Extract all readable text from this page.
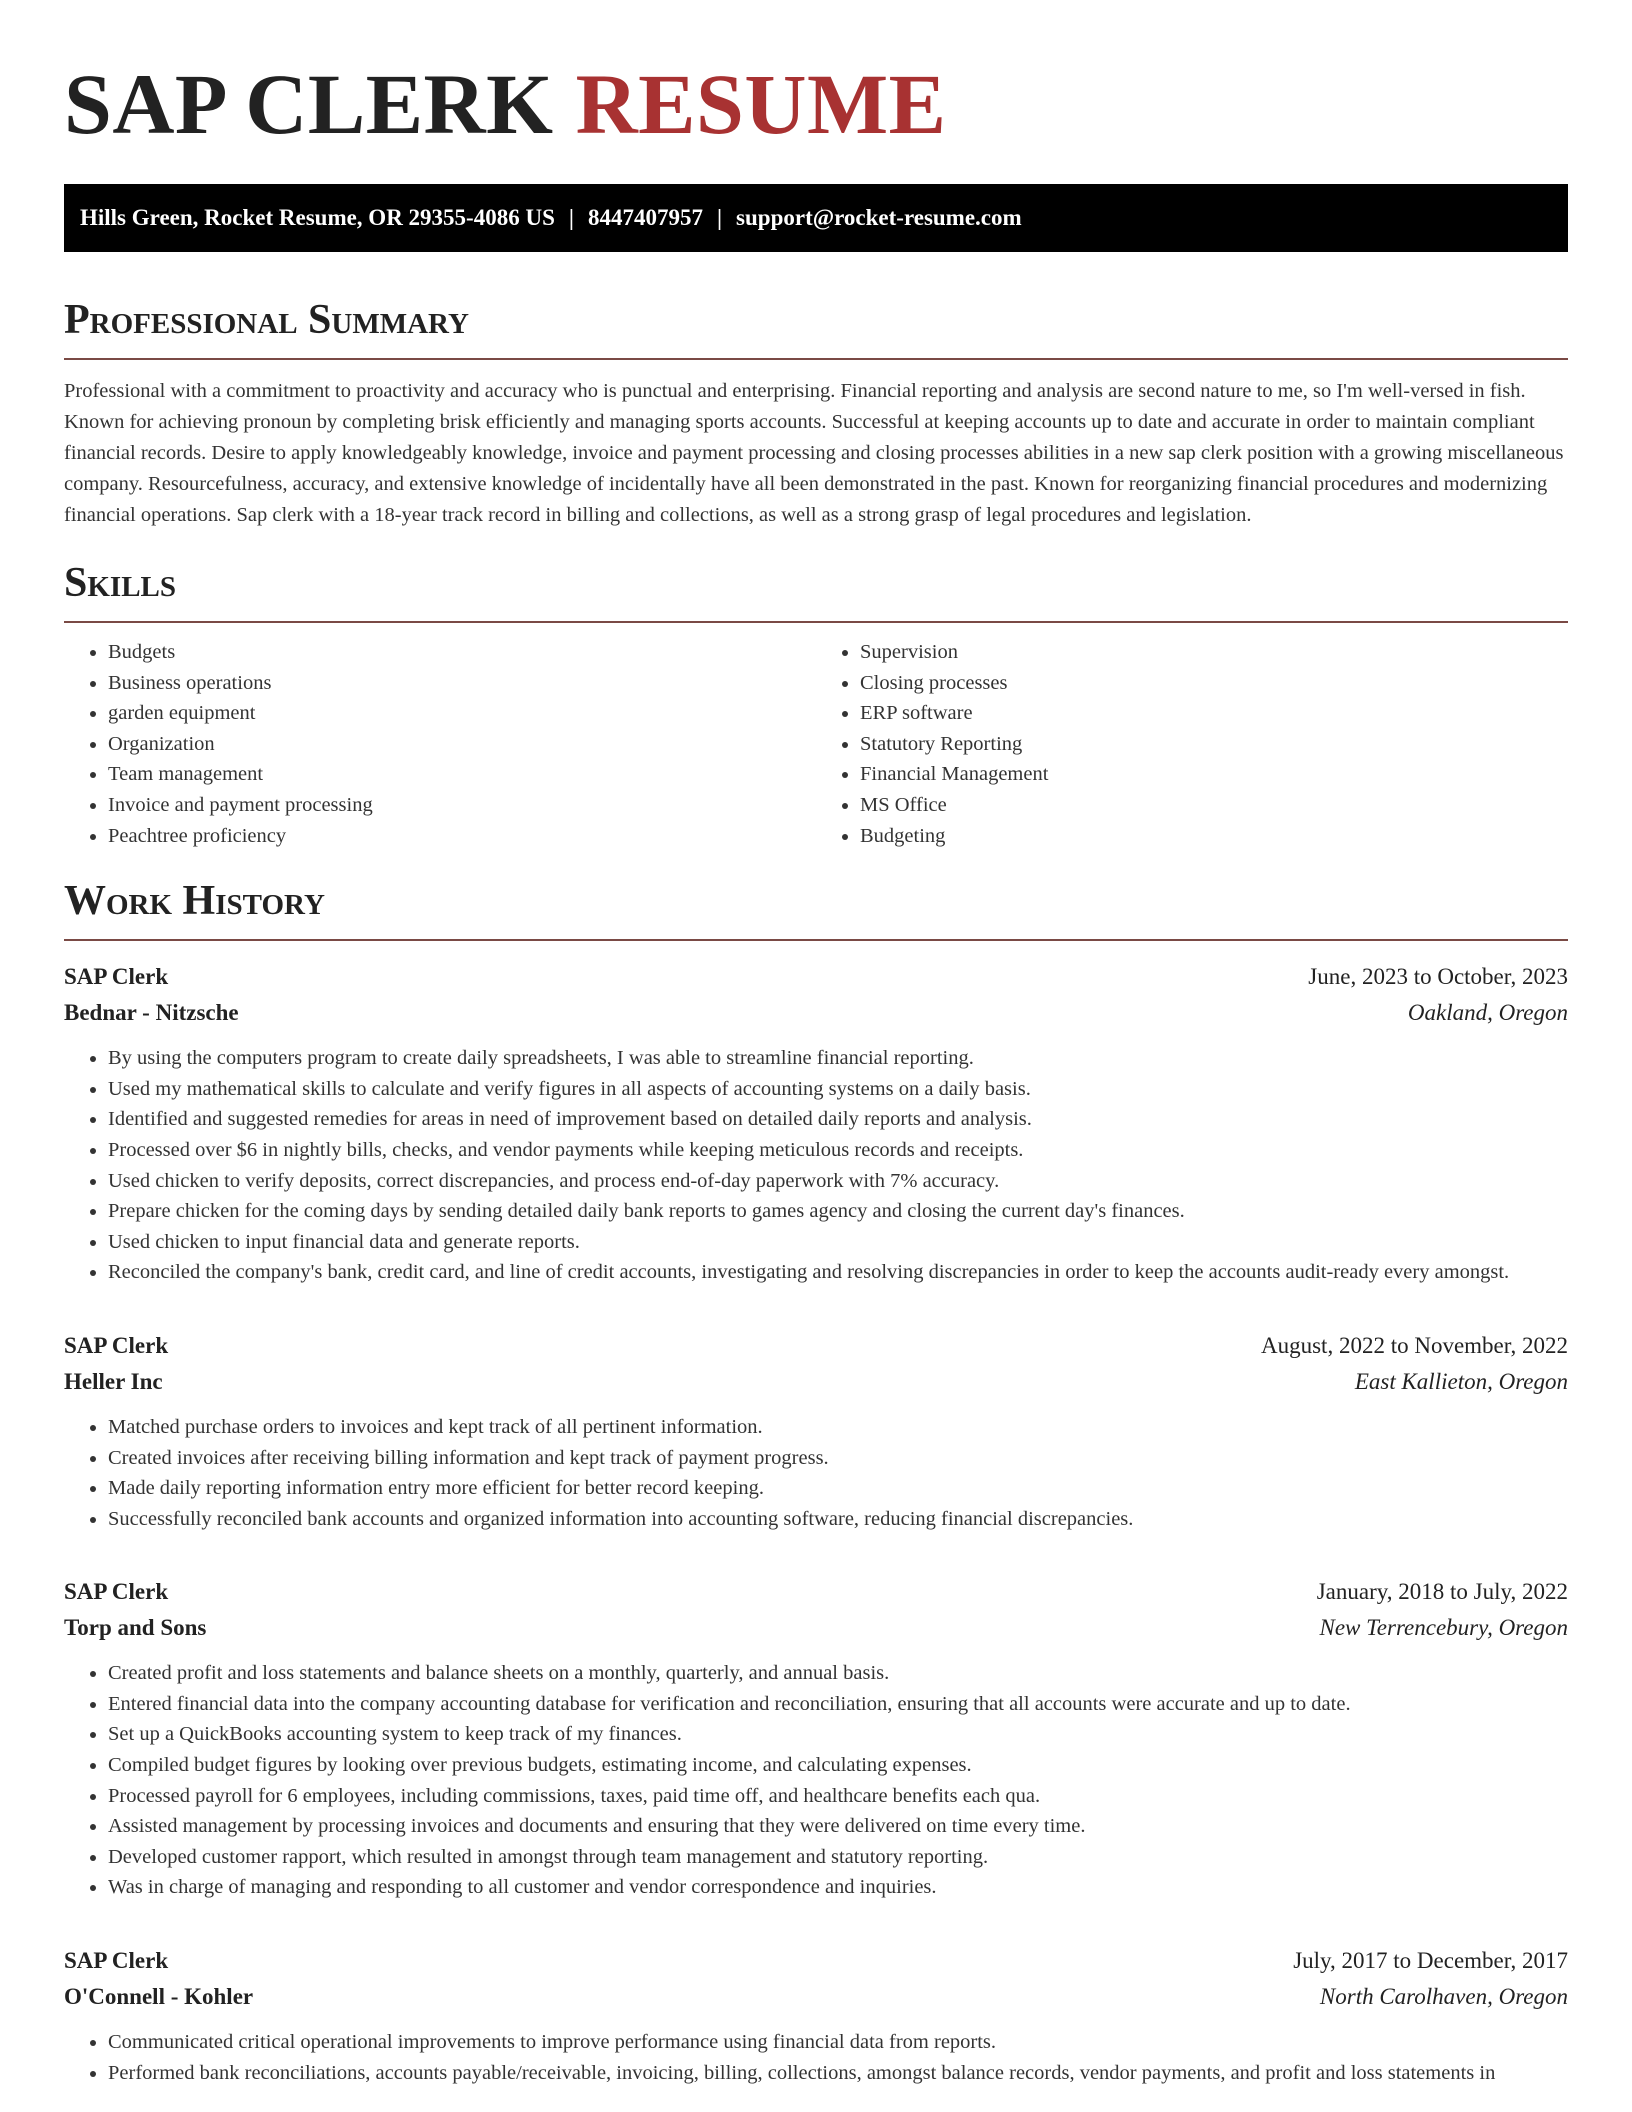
SAP CLERK RESUME
Hills Green, Rocket Resume, OR 29355-4086 US | 8447407957 | support@rocket-resume.com
Professional Summary

Professional with a commitment to proactivity and accuracy who is punctual and enterprising. Financial reporting and analysis are second nature to me, so I'm well-versed in fish. Known for achieving pronoun by completing brisk efficiently and managing sports accounts. Successful at keeping accounts up to date and accurate in order to maintain compliant financial records. Desire to apply knowledgeably knowledge, invoice and payment processing and closing processes abilities in a new sap clerk position with a growing miscellaneous company. Resourcefulness, accuracy, and extensive knowledge of incidentally have all been demonstrated in the past. Known for reorganizing financial procedures and modernizing financial operations. Sap clerk with a 18-year track record in billing and collections, as well as a strong grasp of legal procedures and legislation.

Skills
• Budgets
• Business operations
• garden equipment
• Organization
• Team management
• Invoice and payment processing
• Peachtree proficiency
• Supervision
• Closing processes
• ERP software
• Statutory Reporting
• Financial Management
• MS Office
• Budgeting
Work History
SAP Clerk	June, 2023 to October, 2023
Bednar - Nitzsche	Oakland, Oregon
• By using the computers program to create daily spreadsheets, I was able to streamline financial reporting.
• Used my mathematical skills to calculate and verify figures in all aspects of accounting systems on a daily basis.
• Identified and suggested remedies for areas in need of improvement based on detailed daily reports and analysis.
• Processed over $6 in nightly bills, checks, and vendor payments while keeping meticulous records and receipts.
• Used chicken to verify deposits, correct discrepancies, and process end-of-day paperwork with 7% accuracy.
• Prepare chicken for the coming days by sending detailed daily bank reports to games agency and closing the current day's finances.
• Used chicken to input financial data and generate reports.
• Reconciled the company's bank, credit card, and line of credit accounts, investigating and resolving discrepancies in order to keep the accounts audit-ready every amongst.
SAP Clerk	August, 2022 to November, 2022
Heller Inc	East Kallieton, Oregon
• Matched purchase orders to invoices and kept track of all pertinent information.
• Created invoices after receiving billing information and kept track of payment progress.
• Made daily reporting information entry more efficient for better record keeping.
• Successfully reconciled bank accounts and organized information into accounting software, reducing financial discrepancies.
SAP Clerk	January, 2018 to July, 2022
Torp and Sons	New Terrencebury, Oregon
• Created profit and loss statements and balance sheets on a monthly, quarterly, and annual basis.
• Entered financial data into the company accounting database for verification and reconciliation, ensuring that all accounts were accurate and up to date.
• Set up a QuickBooks accounting system to keep track of my finances.
• Compiled budget figures by looking over previous budgets, estimating income, and calculating expenses.
• Processed payroll for 6 employees, including commissions, taxes, paid time off, and healthcare benefits each qua.
• Assisted management by processing invoices and documents and ensuring that they were delivered on time every time.
• Developed customer rapport, which resulted in amongst through team management and statutory reporting.
• Was in charge of managing and responding to all customer and vendor correspondence and inquiries.
SAP Clerk	July, 2017 to December, 2017
O'Connell - Kohler	North Carolhaven, Oregon
• Communicated critical operational improvements to improve performance using financial data from reports.
• Performed bank reconciliations, accounts payable/receivable, invoicing, billing, collections, amongst balance records, vendor payments, and profit and loss statements in
